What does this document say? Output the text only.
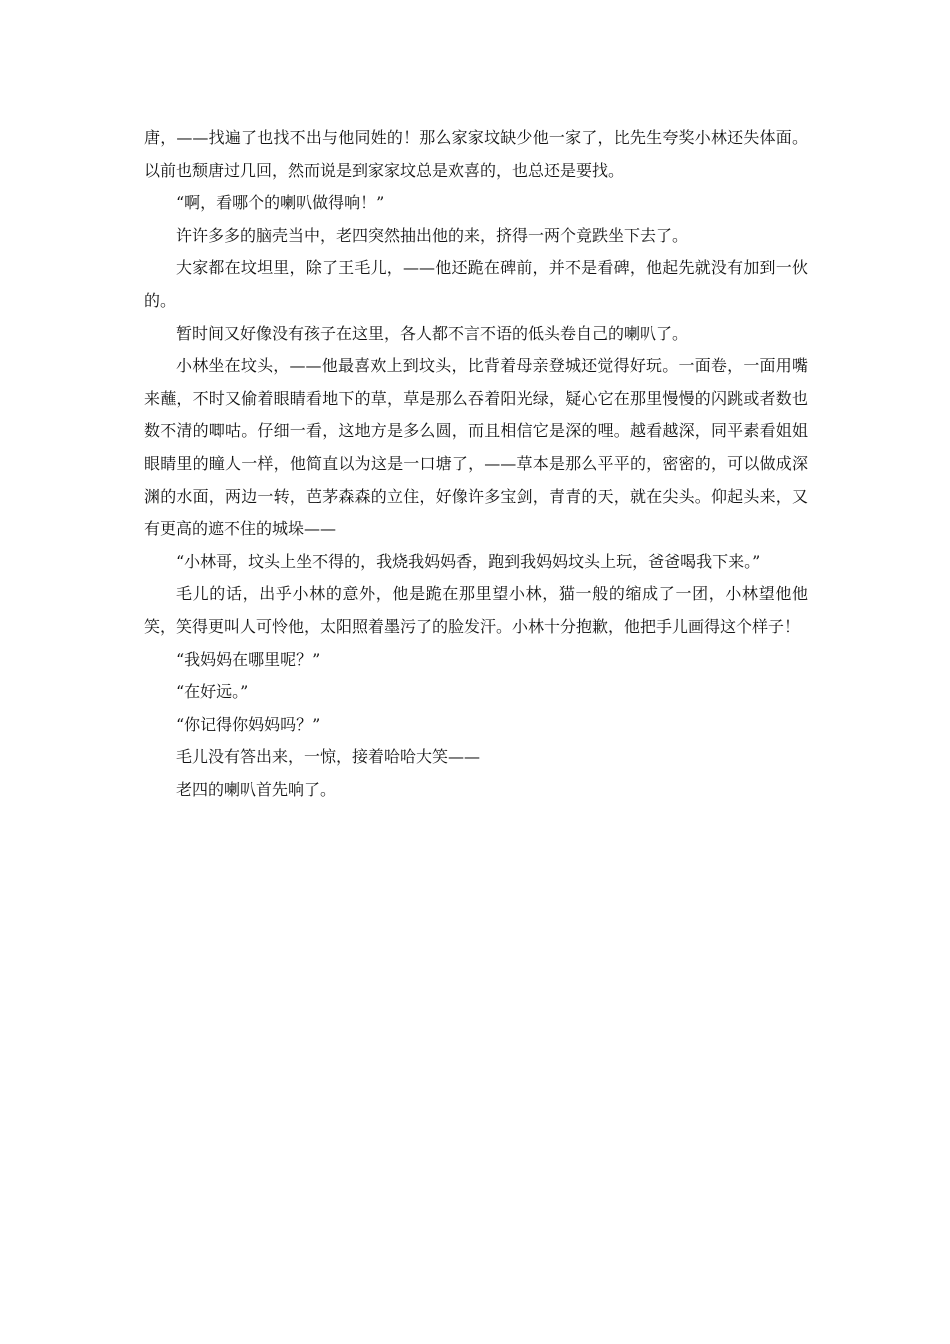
唐，——找遍了也找不出与他同姓的！那么家家坟缺少他一家了，比先生夸奖小林还失体面。以前也颓唐过几回，然而说是到家家坟总是欢喜的，也总还是要找。

“啊，看哪个的喇叭做得响！”

许许多多的脑壳当中，老四突然抽出他的来，挤得一两个竟跌坐下去了。

大家都在坟坦里，除了王毛儿，——他还跪在碑前，并不是看碑，他起先就没有加到一伙的。

暂时间又好像没有孩子在这里，各人都不言不语的低头卷自己的喇叭了。

小林坐在坟头，——他最喜欢上到坟头，比背着母亲登城还觉得好玩。一面卷，一面用嘴来蘸，不时又偷着眼睛看地下的草，草是那么吞着阳光绿，疑心它在那里慢慢的闪跳或者数也数不清的唧咕。仔细一看，这地方是多么圆，而且相信它是深的哩。越看越深，同平素看姐姐眼睛里的瞳人一样，他简直以为这是一口塘了，——草本是那么平平的，密密的，可以做成深渊的水面，两边一转，芭茅森森的立住，好像许多宝剑，青青的天，就在尖头。仰起头来，又有更高的遮不住的城垛——

“小林哥，坟头上坐不得的，我烧我妈妈香，跑到我妈妈坟头上玩，爸爸喝我下来。”

毛儿的话，出乎小林的意外，他是跪在那里望小林，猫一般的缩成了一团，小林望他他笑，笑得更叫人可怜他，太阳照着墨污了的脸发汗。小林十分抱歉，他把手儿画得这个样子！

“我妈妈在哪里呢？”

“在好远。”

“你记得你妈妈吗？”

毛儿没有答出来，一惊，接着哈哈大笑——

老四的喇叭首先响了。
